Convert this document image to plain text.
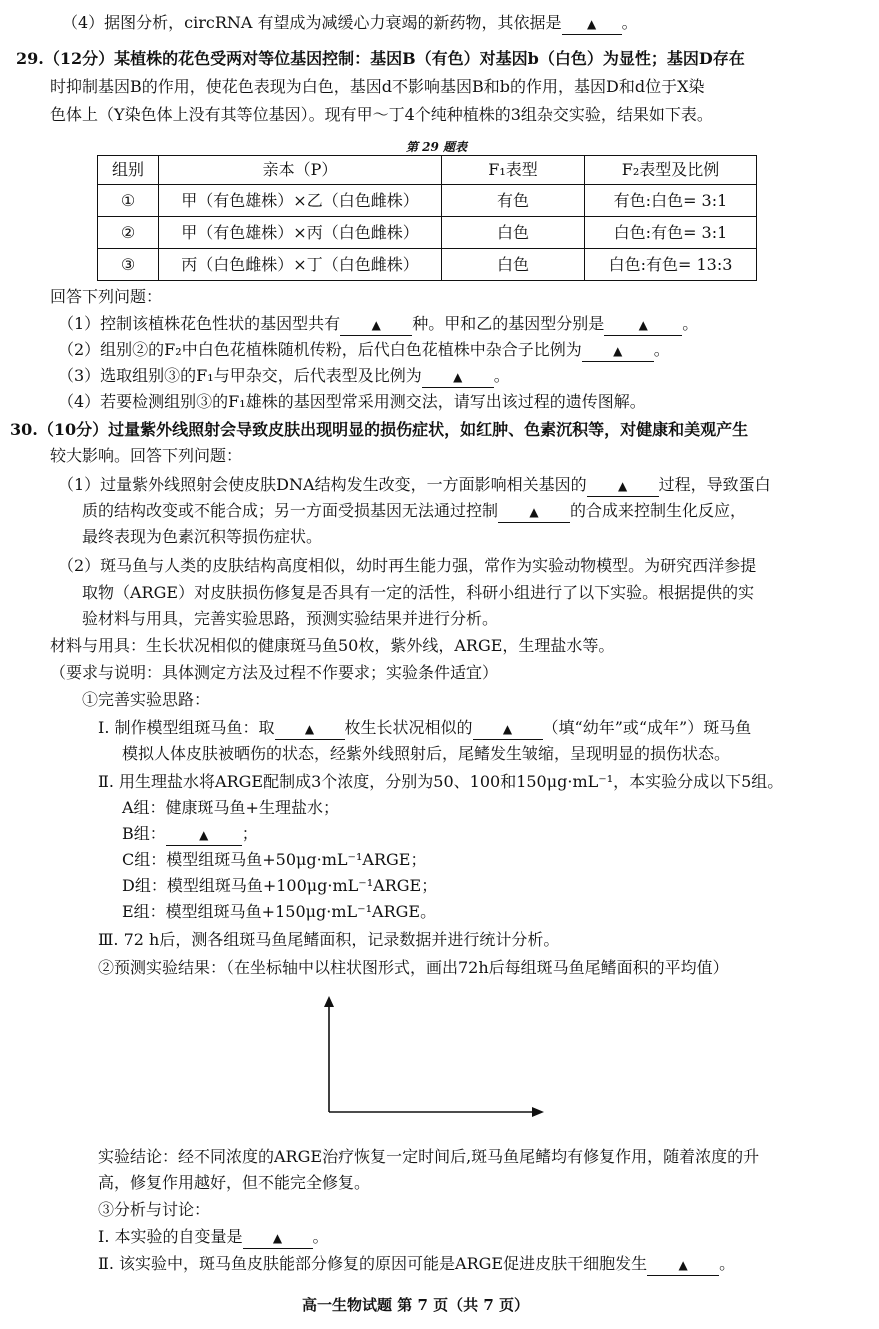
（4）据图分析，circRNA 有望成为减缓心力衰竭的新药物，其依据是 ▲ 。
29.（12分）某植株的花色受两对等位基因控制：基因B（有色）对基因b（白色）为显性；基因D存在
时抑制基因B的作用，使花色表现为白色，基因d不影响基因B和b的作用，基因D和d位于X染
色体上（Y染色体上没有其等位基因）。现有甲～丁4个纯种植株的3组杂交实验，结果如下表。
第 29 题表
组别	亲本（P）	F₁表型	F₂表型及比例
①	甲（有色雄株）×乙（白色雌株）	有色	有色:白色= 3:1
②	甲（有色雄株）×丙（白色雌株）	白色	白色:有色= 3:1
③	丙（白色雌株）×丁（白色雌株）	白色	白色:有色= 13:3
回答下列问题：
（1）控制该植株花色性状的基因型共有	▲ 种。甲和乙的基因型分别是	▲ 。
（2）组别②的F₂中白色花植株随机传粉，后代白色花植株中杂合子比例为	▲ 。
（3）选取组别③的F₁与甲杂交，后代表型及比例为	▲ 。
（4）若要检测组别③的F₁雄株的基因型常采用测交法，请写出该过程的遗传图解。
30.（10分）过量紫外线照射会导致皮肤出现明显的损伤症状，如红肿、色素沉积等，对健康和美观产生
较大影响。回答下列问题：
（1）过量紫外线照射会使皮肤DNA结构发生改变，一方面影响相关基因的	▲ 过程，导致蛋白
质的结构改变或不能合成；另一方面受损基因无法通过控制	▲ 的合成来控制生化反应，
最终表现为色素沉积等损伤症状。
（2）斑马鱼与人类的皮肤结构高度相似，幼时再生能力强，常作为实验动物模型。为研究西洋参提
取物（ARGE）对皮肤损伤修复是否具有一定的活性，科研小组进行了以下实验。根据提供的实
验材料与用具，完善实验思路，预测实验结果并进行分析。
材料与用具：生长状况相似的健康斑马鱼50枚，紫外线，ARGE，生理盐水等。
（要求与说明：具体测定方法及过程不作要求；实验条件适宜）
①完善实验思路：
I. 制作模型组斑马鱼：取	▲ 枚生长状况相似的	▲ （填“幼年”或“成年”）斑马鱼
模拟人体皮肤被晒伤的状态，经紫外线照射后，尾鳍发生皱缩，呈现明显的损伤状态。
Ⅱ. 用生理盐水将ARGE配制成3个浓度，分别为50、100和150μg·mL⁻¹，本实验分成以下5组。
A组：健康斑马鱼+生理盐水；
B组：	▲ ；
C组：模型组斑马鱼+50μg·mL⁻¹ARGE；
D组：模型组斑马鱼+100μg·mL⁻¹ARGE；
E组：模型组斑马鱼+150μg·mL⁻¹ARGE。
Ⅲ. 72 h后，测各组斑马鱼尾鳍面积，记录数据并进行统计分析。
②预测实验结果：（在坐标轴中以柱状图形式，画出72h后每组斑马鱼尾鳍面积的平均值）
实验结论：经不同浓度的ARGE治疗恢复一定时间后,斑马鱼尾鳍均有修复作用，随着浓度的升
高，修复作用越好，但不能完全修复。
③分析与讨论：
I. 本实验的自变量是	▲ 。
Ⅱ. 该实验中，斑马鱼皮肤能部分修复的原因可能是ARGE促进皮肤干细胞发生	▲ 。
高一生物试题 第 7 页（共 7 页）
